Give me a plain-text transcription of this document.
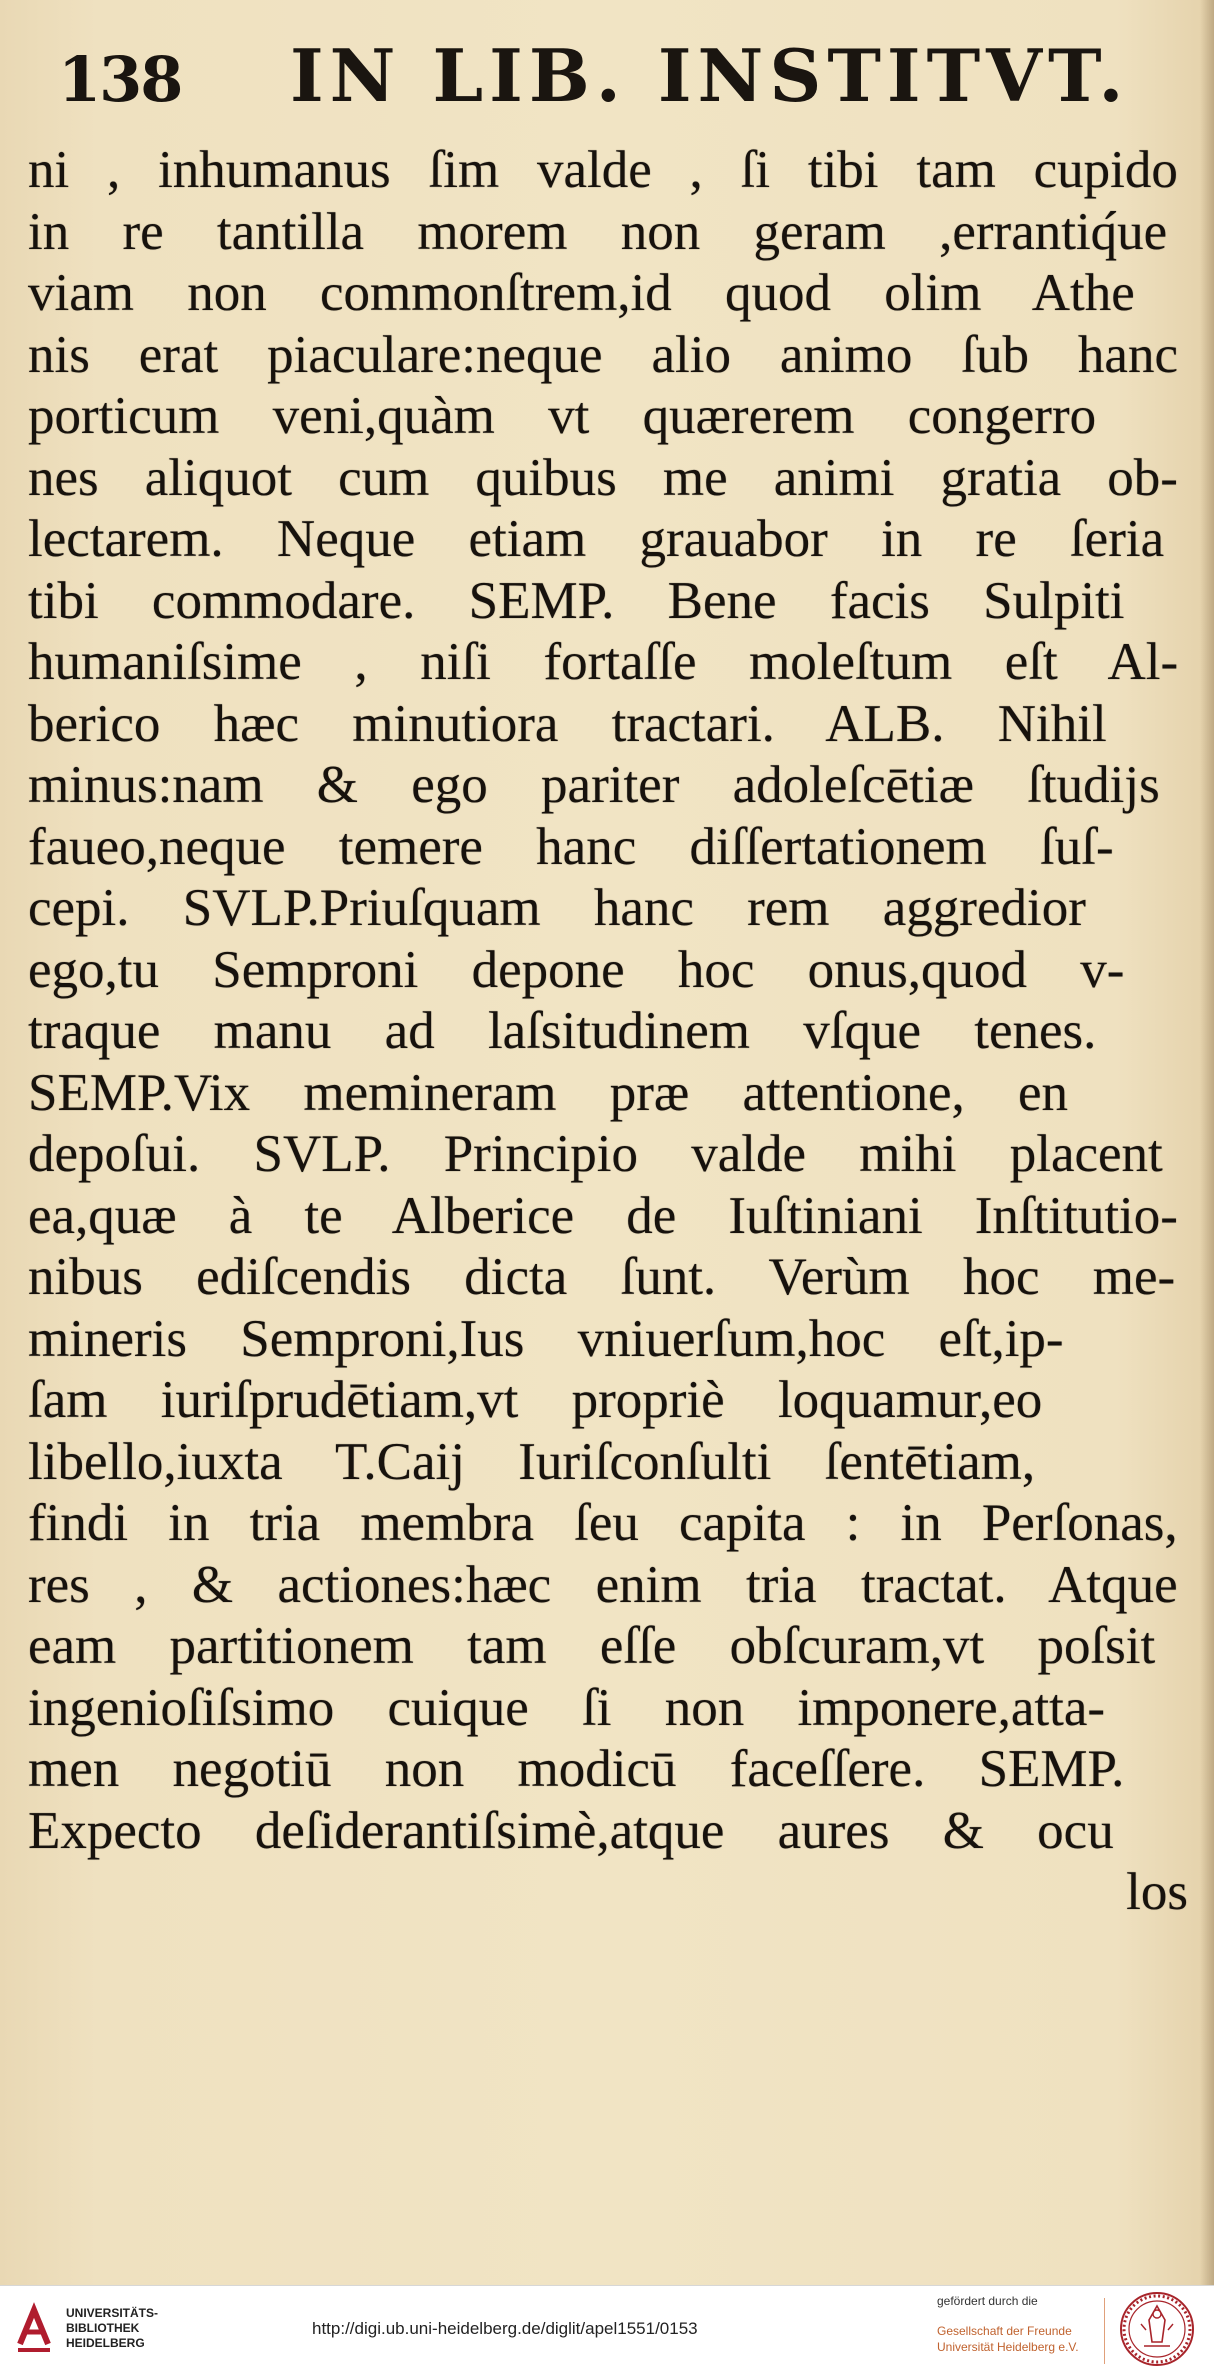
138 IN LIB. INSTITVT.
ni , inhumanus ſim valde , ſi tibi tam cupido
in re tantilla morem non geram ,errantiq́ue
viam non commonſtrem,id quod olim Athe
nis erat piaculare:neque alio animo ſub hanc
porticum veni,quàm vt quærerem congerro
nes aliquot cum quibus me animi gratia ob-
lectarem. Neque etiam grauabor in re ſeria
tibi commodare. SEMP. Bene facis Sulpiti
humaniſsime , niſi fortaſſe moleſtum eſt Al-
berico hæc minutiora tractari. ALB. Nihil
minus:nam & ego pariter adoleſcētiæ ſtudijs
faueo,neque temere hanc diſſertationem ſuſ-
cepi. SVLP.Priuſquam hanc rem aggredior
ego,tu Semproni depone hoc onus,quod v-
traque manu ad laſsitudinem vſque tenes.
SEMP.Vix memineram præ attentione, en
depoſui. SVLP. Principio valde mihi placent
ea,quæ à te Alberice de Iuſtiniani Inſtitutio-
nibus ediſcendis dicta ſunt. Verùm hoc me-
mineris Semproni,Ius vniuerſum,hoc eſt,ip-
ſam iuriſprudētiam,vt propriè loquamur,eo
libello,iuxta T.Caij Iuriſconſulti ſentētiam,
findi in tria membra ſeu capita : in Perſonas,
res , & actiones:hæc enim tria tractat. Atque
eam partitionem tam eſſe obſcuram,vt poſsit
ingenioſiſsimo cuique ſi non imponere,atta-
men negotiū non modicū faceſſere. SEMP.
Expecto deſiderantiſsimè,atque aures & ocu
los
UNIVERSITÄTS-
BIBLIOTHEK
HEIDELBERG
http://digi.ub.uni-heidelberg.de/diglit/apel1551/0153
gefördert durch die
Gesellschaft der Freunde
Universität Heidelberg e.V.
